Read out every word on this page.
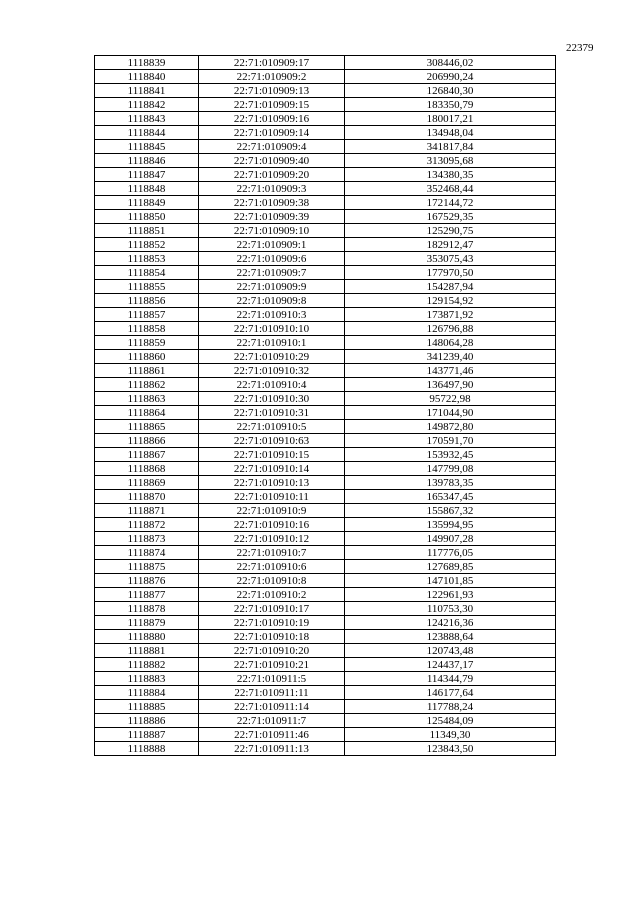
22379
1118839	22:71:010909:17	308446,02
1118840	22:71:010909:2	206990,24
1118841	22:71:010909:13	126840,30
1118842	22:71:010909:15	183350,79
1118843	22:71:010909:16	180017,21
1118844	22:71:010909:14	134948,04
1118845	22:71:010909:4	341817,84
1118846	22:71:010909:40	313095,68
1118847	22:71:010909:20	134380,35
1118848	22:71:010909:3	352468,44
1118849	22:71:010909:38	172144,72
1118850	22:71:010909:39	167529,35
1118851	22:71:010909:10	125290,75
1118852	22:71:010909:1	182912,47
1118853	22:71:010909:6	353075,43
1118854	22:71:010909:7	177970,50
1118855	22:71:010909:9	154287,94
1118856	22:71:010909:8	129154,92
1118857	22:71:010910:3	173871,92
1118858	22:71:010910:10	126796,88
1118859	22:71:010910:1	148064,28
1118860	22:71:010910:29	341239,40
1118861	22:71:010910:32	143771,46
1118862	22:71:010910:4	136497,90
1118863	22:71:010910:30	95722,98
1118864	22:71:010910:31	171044,90
1118865	22:71:010910:5	149872,80
1118866	22:71:010910:63	170591,70
1118867	22:71:010910:15	153932,45
1118868	22:71:010910:14	147799,08
1118869	22:71:010910:13	139783,35
1118870	22:71:010910:11	165347,45
1118871	22:71:010910:9	155867,32
1118872	22:71:010910:16	135994,95
1118873	22:71:010910:12	149907,28
1118874	22:71:010910:7	117776,05
1118875	22:71:010910:6	127689,85
1118876	22:71:010910:8	147101,85
1118877	22:71:010910:2	122961,93
1118878	22:71:010910:17	110753,30
1118879	22:71:010910:19	124216,36
1118880	22:71:010910:18	123888,64
1118881	22:71:010910:20	120743,48
1118882	22:71:010910:21	124437,17
1118883	22:71:010911:5	114344,79
1118884	22:71:010911:11	146177,64
1118885	22:71:010911:14	117788,24
1118886	22:71:010911:7	125484,09
1118887	22:71:010911:46	11349,30
1118888	22:71:010911:13	123843,50
